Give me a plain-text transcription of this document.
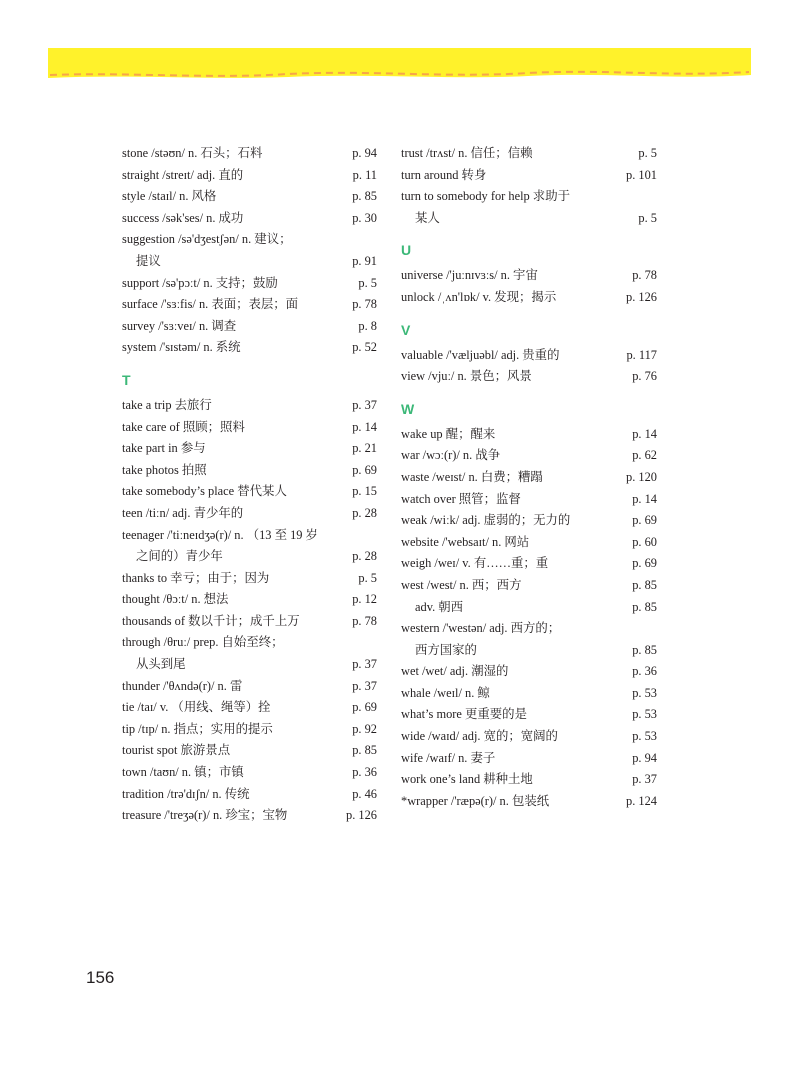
stone /stəʊn/ n. 石头；石料	p. 94
straight /streɪt/ adj. 直的	p. 11
style /staɪl/ n. 风格	p. 85
success /sək'ses/ n. 成功	p. 30
suggestion /sə'dʒestʃən/ n. 建议；
提议	p. 91
support /sə'pɔːt/ n. 支持；鼓励	p. 5
surface /'sɜːfis/ n. 表面；表层；面	p. 78
survey /'sɜːveɪ/ n. 调查	p. 8
system /'sɪstəm/ n. 系统	p. 52
T
take a trip 去旅行	p. 37
take care of 照顾；照料	p. 14
take part in 参与	p. 21
take photos 拍照	p. 69
take somebody’s place 替代某人	p. 15
teen /tiːn/ adj. 青少年的	p. 28
teenager /'tiːneɪdʒə(r)/ n. （13 至 19 岁
之间的）青少年	p. 28
thanks to 幸亏；由于；因为	p. 5
thought /θɔːt/ n. 想法	p. 12
thousands of 数以千计；成千上万	p. 78
through /θruː/ prep. 自始至终；
从头到尾	p. 37
thunder /'θʌndə(r)/ n. 雷	p. 37
tie /taɪ/ v. （用线、绳等）拴	p. 69
tip /tɪp/ n. 指点；实用的提示	p. 92
tourist spot 旅游景点	p. 85
town /taʊn/ n. 镇；市镇	p. 36
tradition /trə'dɪʃn/ n. 传统	p. 46
treasure /'treʒə(r)/ n. 珍宝；宝物	p. 126
trust /trʌst/ n. 信任；信赖	p. 5
turn around 转身	p. 101
turn to somebody for help 求助于
某人	p. 5
U
universe /'juːnɪvɜːs/ n. 宇宙	p. 78
unlock /ˌʌn'lɒk/ v. 发现；揭示	p. 126
V
valuable /'væljuəbl/ adj. 贵重的	p. 117
view /vjuː/ n. 景色；风景	p. 76
W
wake up 醒；醒来	p. 14
war /wɔː(r)/ n. 战争	p. 62
waste /weɪst/ n. 白费；糟蹋	p. 120
watch over 照管；监督	p. 14
weak /wiːk/ adj. 虚弱的；无力的	p. 69
website /'websaɪt/ n. 网站	p. 60
weigh /weɪ/ v. 有……重；重	p. 69
west /west/ n. 西；西方	p. 85
adv. 朝西	p. 85
western /'westən/ adj. 西方的；
西方国家的	p. 85
wet /wet/ adj. 潮湿的	p. 36
whale /weɪl/ n. 鲸	p. 53
what’s more 更重要的是	p. 53
wide /waɪd/ adj. 宽的；宽阔的	p. 53
wife /waɪf/ n. 妻子	p. 94
work one’s land 耕种土地	p. 37
*wrapper /'ræpə(r)/ n. 包装纸	p. 124
156
